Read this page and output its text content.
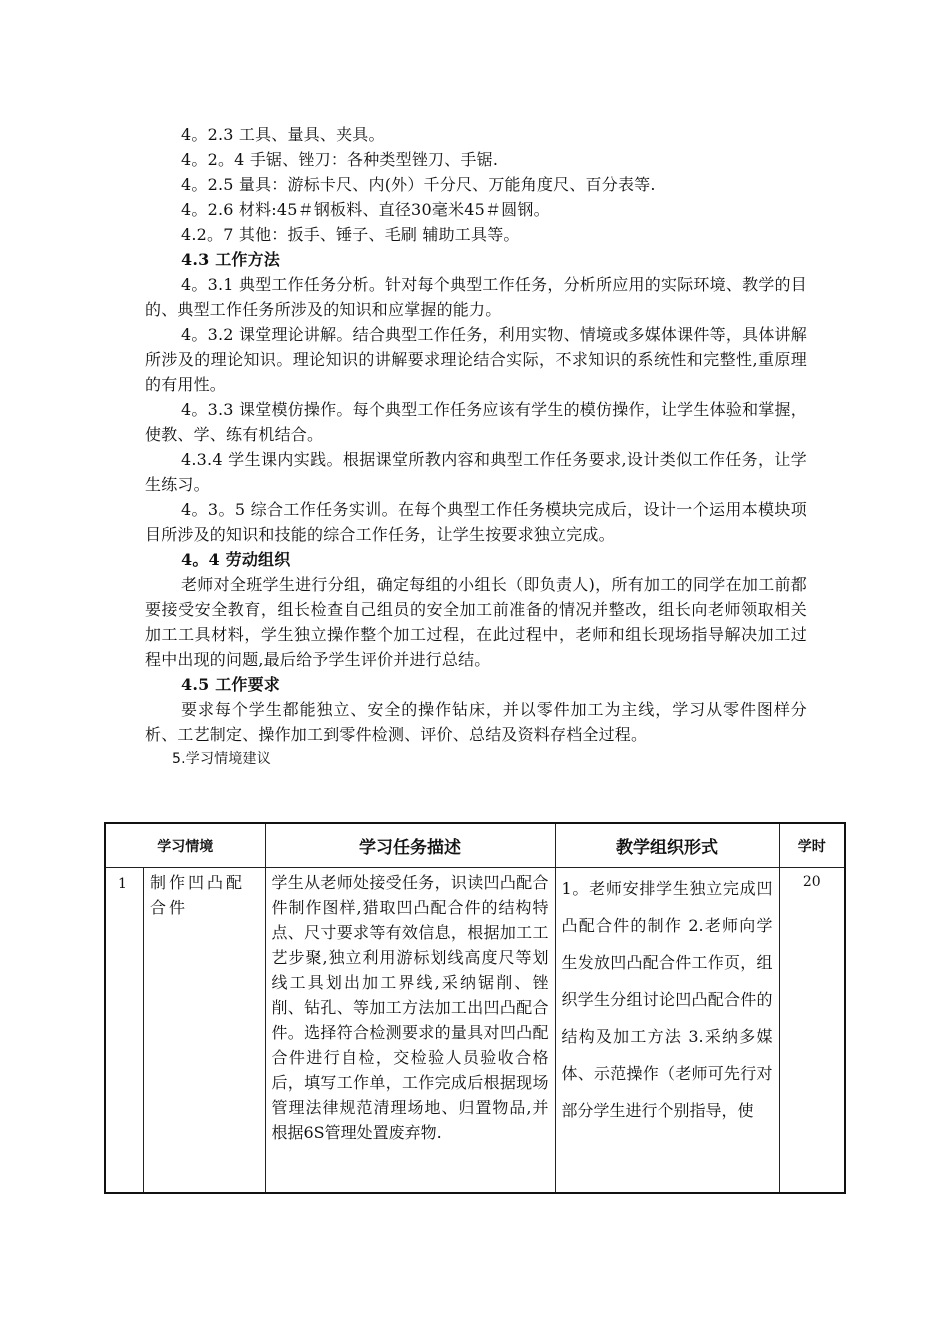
4。2.3 工具、量具、夹具。

4。2。4 手锯、锉刀：各种类型锉刀、手锯.

4。2.5 量具：游标卡尺、内(外）千分尺、万能角度尺、百分表等.

4。2.6 材料:45＃钢板料、直径30毫米45＃圆钢。

4.2。7 其他：扳手、锤子、毛刷 辅助工具等。

4.3 工作方法

4。3.1 典型工作任务分析。针对每个典型工作任务，分析所应用的实际环境、教学的目的、典型工作任务所涉及的知识和应掌握的能力。

4。3.2 课堂理论讲解。结合典型工作任务，利用实物、情境或多媒体课件等，具体讲解所涉及的理论知识。理论知识的讲解要求理论结合实际，不求知识的系统性和完整性,重原理的有用性。

4。3.3 课堂模仿操作。每个典型工作任务应该有学生的模仿操作，让学生体验和掌握，使教、学、练有机结合。

4.3.4 学生课内实践。根据课堂所教内容和典型工作任务要求,设计类似工作任务，让学生练习。

4。3。5 综合工作任务实训。在每个典型工作任务模块完成后，设计一个运用本模块项目所涉及的知识和技能的综合工作任务，让学生按要求独立完成。

4。4 劳动组织

老师对全班学生进行分组，确定每组的小组长（即负责人)，所有加工的同学在加工前都要接受安全教育，组长检查自己组员的安全加工前准备的情况并整改，组长向老师领取相关加工工具材料，学生独立操作整个加工过程，在此过程中，老师和组长现场指导解决加工过程中出现的问题,最后给予学生评价并进行总结。

4.5 工作要求

要求每个学生都能独立、安全的操作钻床，并以零件加工为主线，学习从零件图样分析、工艺制定、操作加工到零件检测、评价、总结及资料存档全过程。

5.学习情境建议

学习情境	学习任务描述	教学组织形式	学时

1 制作凹凸配合件	学生从老师处接受任务，识读凹凸配合件制作图样,猎取凹凸配合件的结构特点、尺寸要求等有效信息，根据加工工艺步聚,独立利用游标划线高度尺等划线工具划出加工界线,采纳锯削、锉削、钻孔、等加工方法加工出凹凸配合件。选择符合检测要求的量具对凹凸配合件进行自检，交检验人员验收合格后，填写工作单，工作完成后根据现场管理法律规范清理场地、归置物品,并根据6S管理处置废弃物.	1。老师安排学生独立完成凹凸配合件的制作 2.老师向学生发放凹凸配合件工作页，组织学生分组讨论凹凸配合件的结构及加工方法 3.采纳多媒体、示范操作（老师可先行对部分学生进行个别指导，使	20
